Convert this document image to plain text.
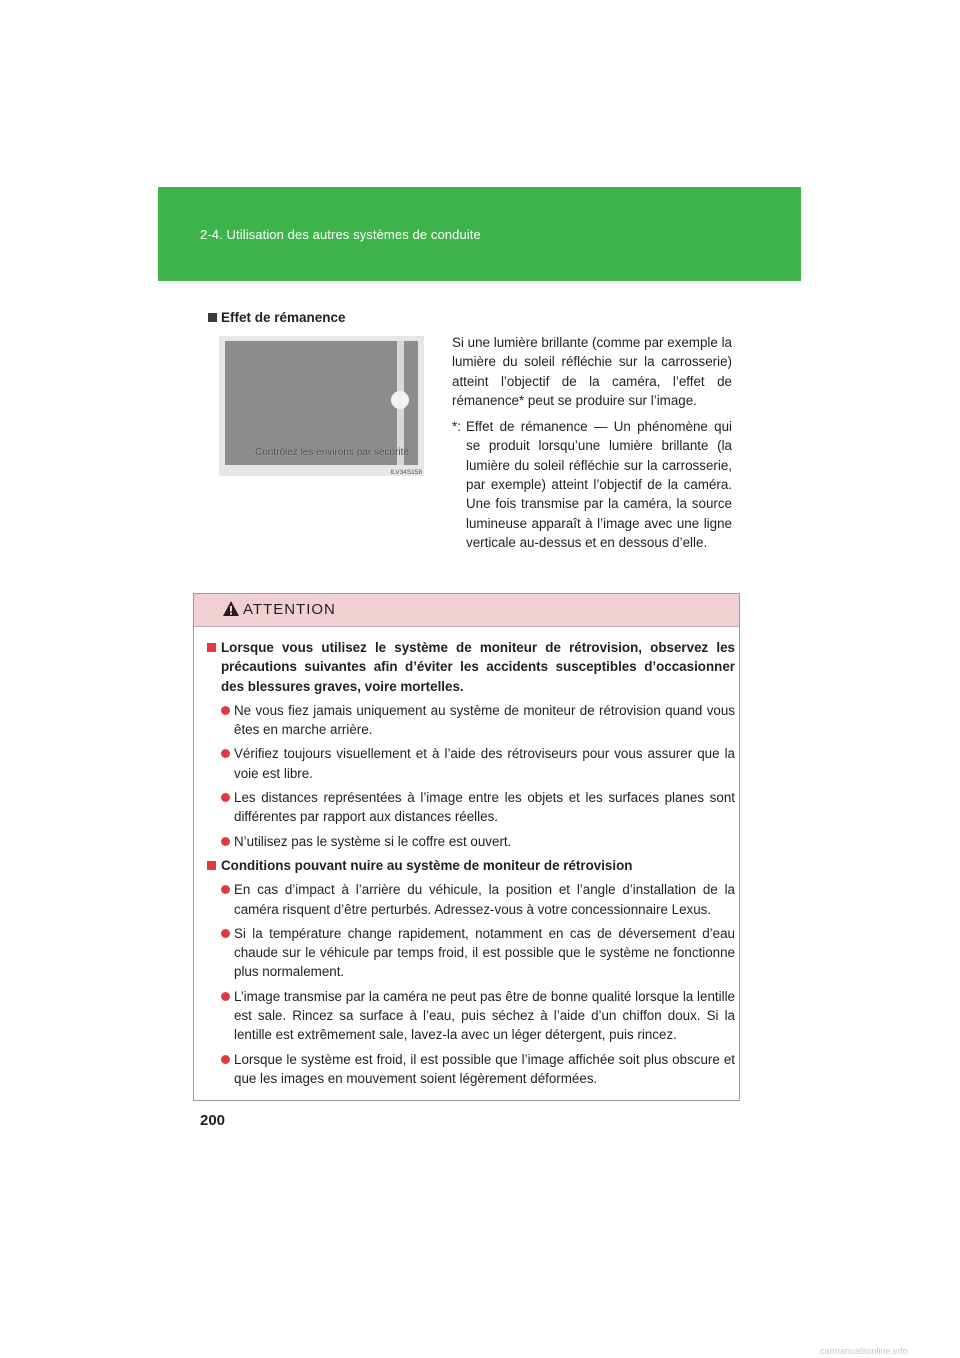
2-4. Utilisation des autres systèmes de conduite
Effet de rémanence
Contrôlez les environs par sécurité.
ILV34S158

Si une lumière brillante (comme par exemple la lumière du soleil réfléchie sur la carrosserie) atteint l’objectif de la caméra, l’effet de rémanence* peut se produire sur l’image.

*: Effet de rémanence — Un phénomène qui se produit lorsqu’une lumière brillante (la lumière du soleil réfléchie sur la carrosserie, par exemple) atteint l’objectif de la caméra. Une fois transmise par la caméra, la source lumineuse apparaît à l’image avec une ligne verticale au-dessus et en dessous d’elle.
ATTENTION
Lorsque vous utilisez le système de moniteur de rétrovision, observez les précautions suivantes afin d’éviter les accidents susceptibles d’occasionner des blessures graves, voire mortelles.
Ne vous fiez jamais uniquement au système de moniteur de rétrovision quand vous êtes en marche arrière.
Vérifiez toujours visuellement et à l’aide des rétroviseurs pour vous assurer que la voie est libre.
Les distances représentées à l’image entre les objets et les surfaces planes sont différentes par rapport aux distances réelles.
N’utilisez pas le système si le coffre est ouvert.
Conditions pouvant nuire au système de moniteur de rétrovision
En cas d’impact à l’arrière du véhicule, la position et l’angle d’installation de la caméra risquent d’être perturbés. Adressez-vous à votre concessionnaire Lexus.
Si la température change rapidement, notamment en cas de déversement d’eau chaude sur le véhicule par temps froid, il est possible que le système ne fonctionne plus normalement.
L’image transmise par la caméra ne peut pas être de bonne qualité lorsque la lentille est sale. Rincez sa surface à l’eau, puis séchez à l’aide d’un chiffon doux. Si la lentille est extrêmement sale, lavez-la avec un léger détergent, puis rincez.
Lorsque le système est froid, il est possible que l’image affichée soit plus obscure et que les images en mouvement soient légèrement déformées.
200
carmanualsonline.info
